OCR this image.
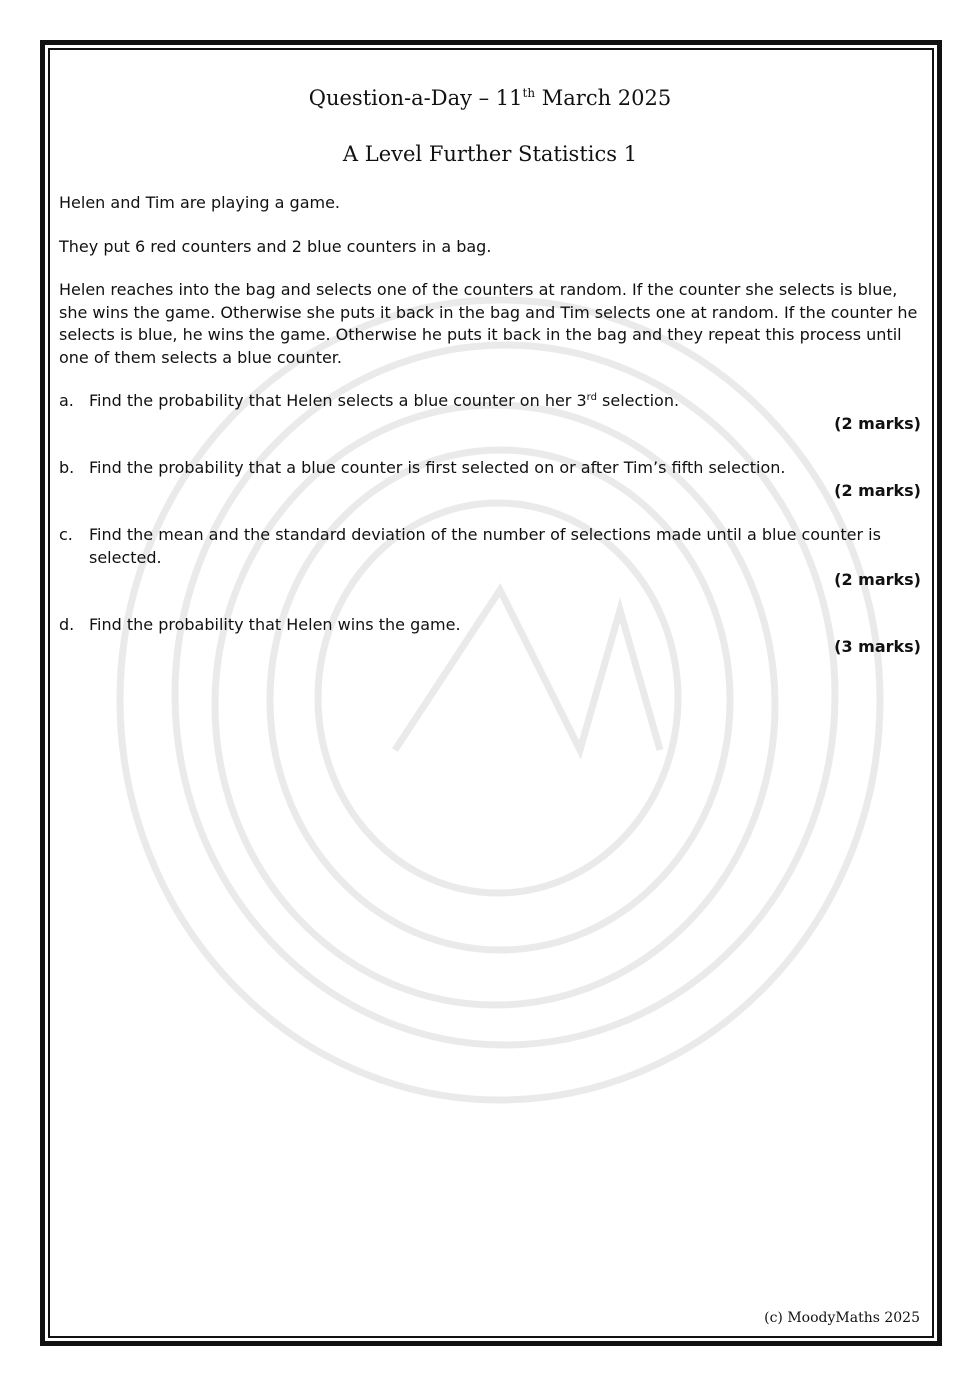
Question-a-Day – 11th March 2025
A Level Further Statistics 1

Helen and Tim are playing a game.

They put 6 red counters and 2 blue counters in a bag.

Helen reaches into the bag and selects one of the counters at random. If the counter she selects is blue, she wins the game. Otherwise she puts it back in the bag and Tim selects one at random. If the counter he selects is blue, he wins the game. Otherwise he puts it back in the bag and they repeat this process until one of them selects a blue counter.

a. Find the probability that Helen selects a blue counter on her 3rd selection.
(2 marks)
b. Find the probability that a blue counter is first selected on or after Tim’s fifth selection.
(2 marks)
c.	Find the mean and the standard deviation of the number of selections made until a blue counter is selected.
(2 marks)
d. Find the probability that Helen wins the game.
(3 marks)
(c) MoodyMaths 2025
